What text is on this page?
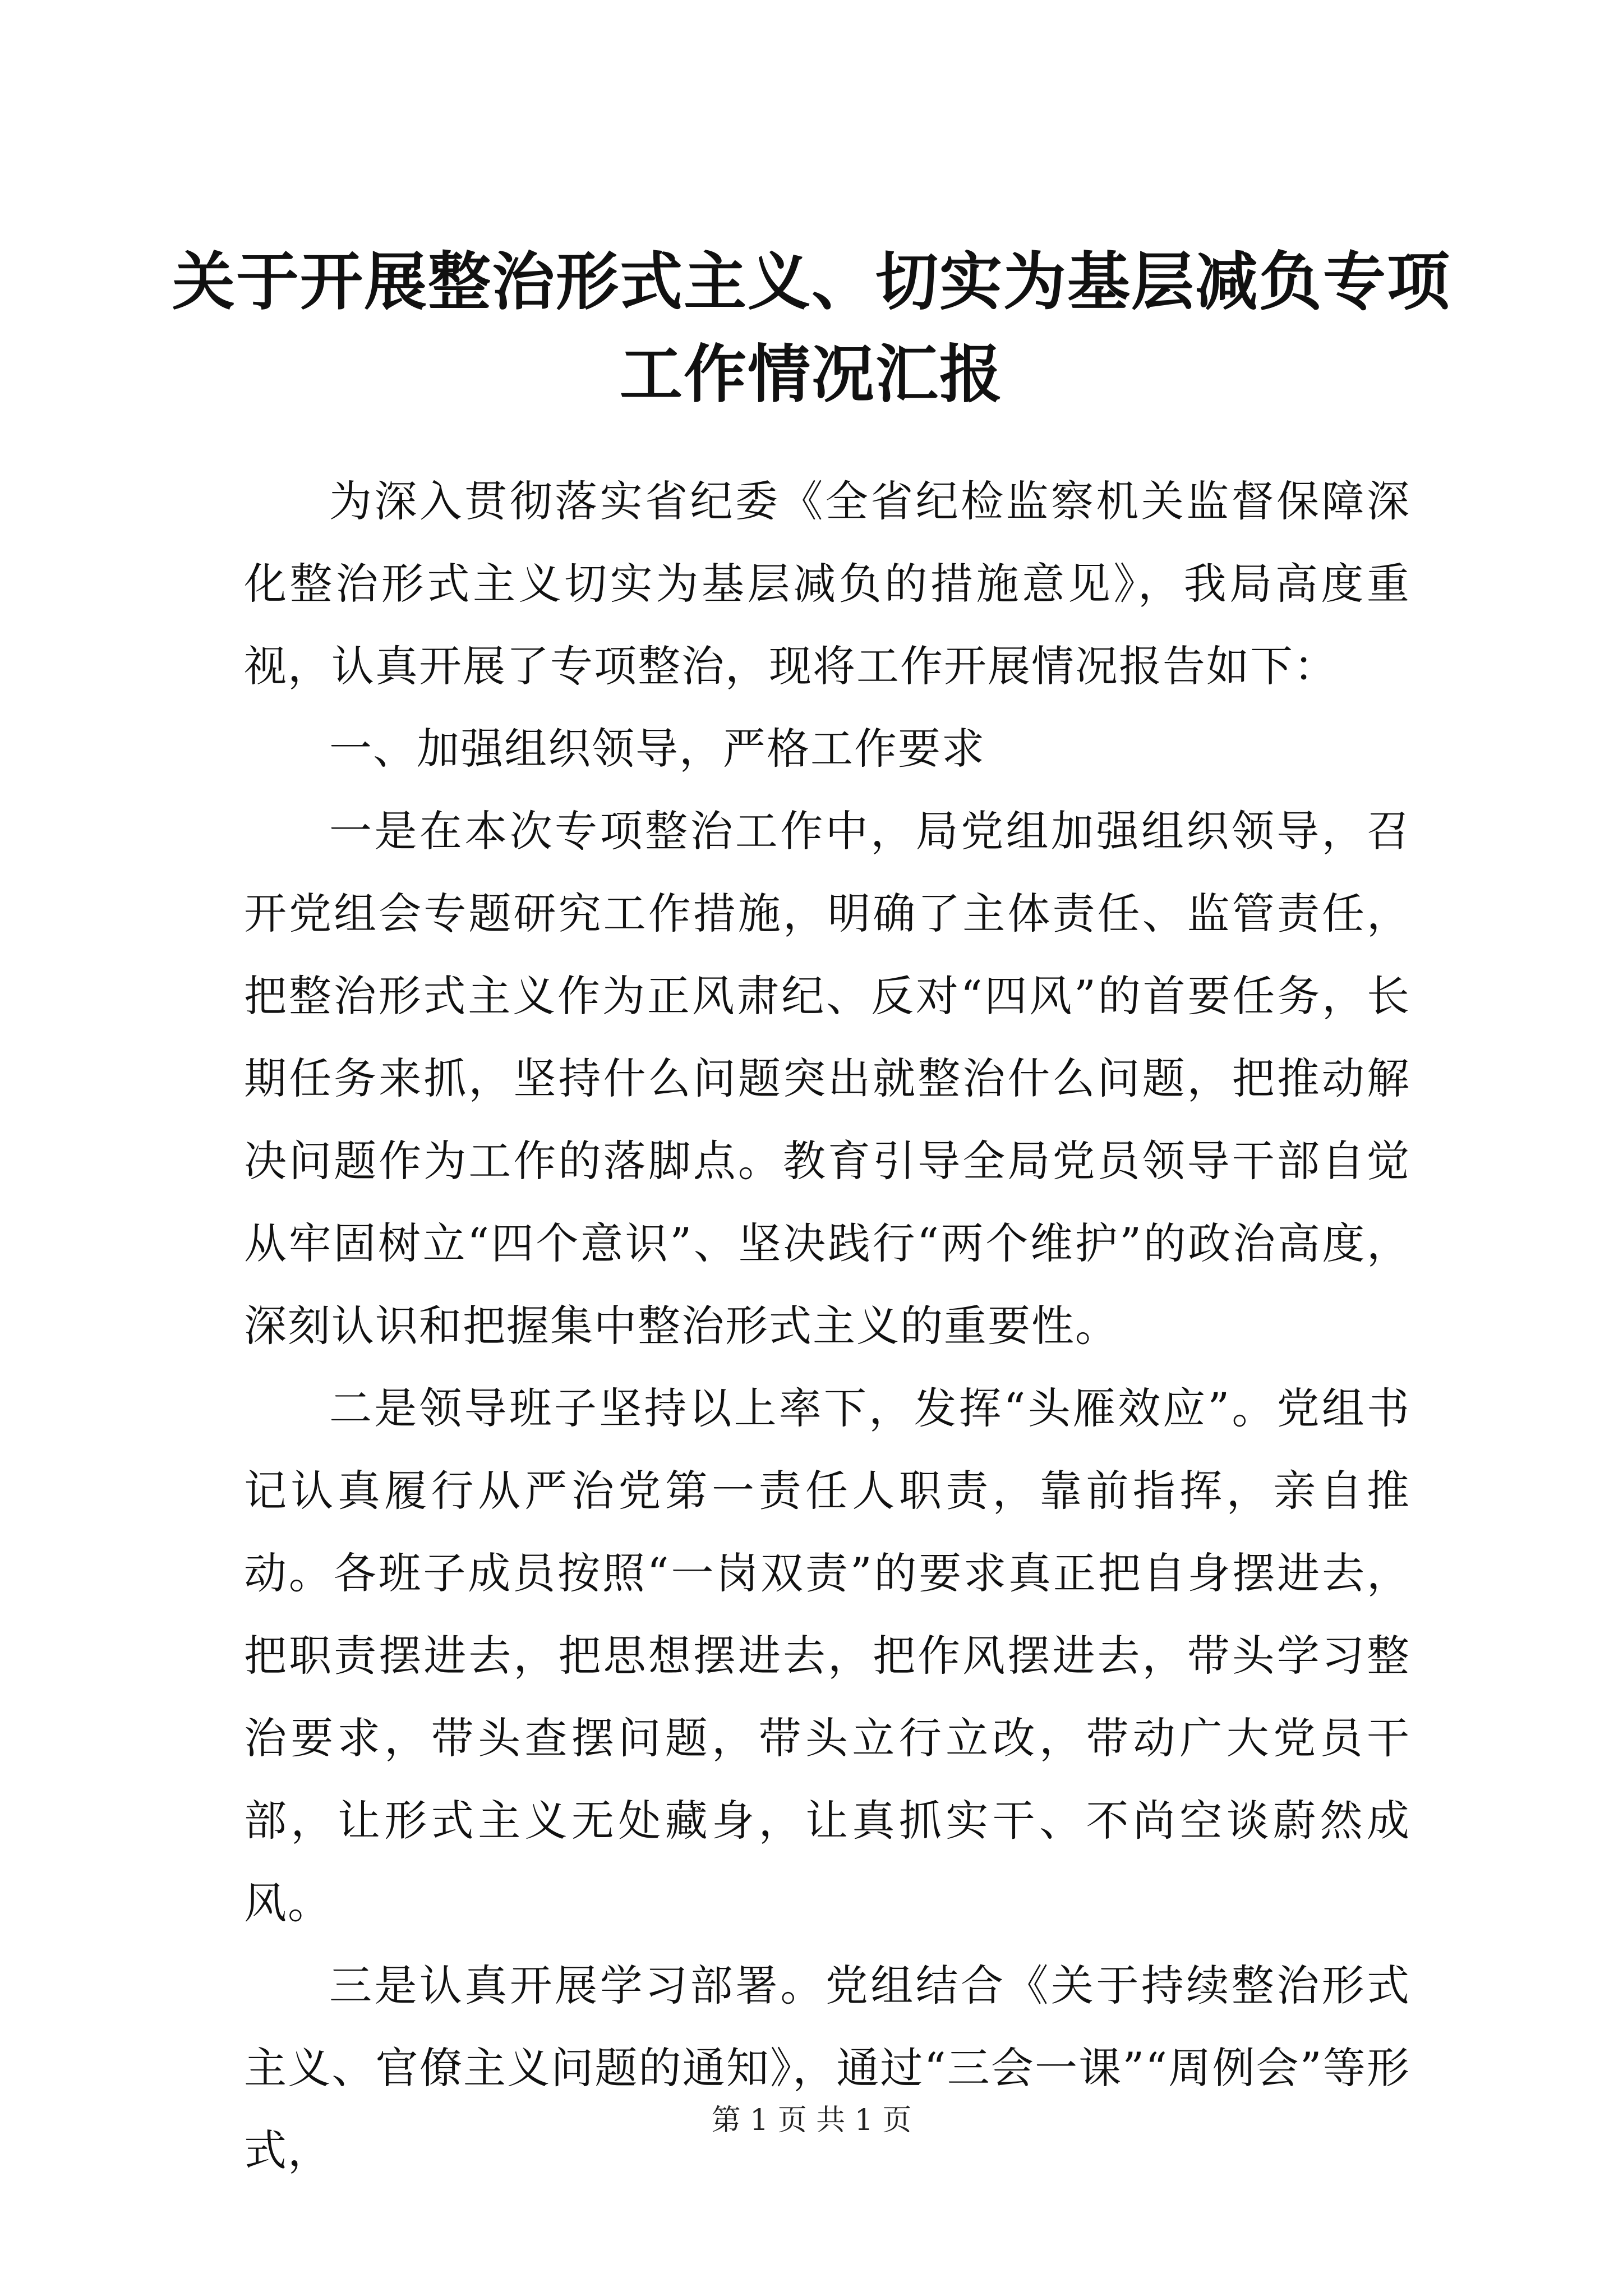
关于开展整治形式主义、切实为基层减负专项
工作情况汇报

为深入贯彻落实省纪委《全省纪检监察机关监督保障深化整治形式主义切实为基层减负的措施意见》，我局高度重视，认真开展了专项整治，现将工作开展情况报告如下：

一、加强组织领导，严格工作要求

一是在本次专项整治工作中，局党组加强组织领导，召开党组会专题研究工作措施，明确了主体责任、监管责任，把整治形式主义作为正风肃纪、反对“四风”的首要任务，长期任务来抓，坚持什么问题突出就整治什么问题，把推动解决问题作为工作的落脚点。教育引导全局党员领导干部自觉从牢固树立“四个意识”、坚决践行“两个维护”的政治高度，深刻认识和把握集中整治形式主义的重要性。

二是领导班子坚持以上率下，发挥“头雁效应”。党组书记认真履行从严治党第一责任人职责，靠前指挥，亲自推动。各班子成员按照“一岗双责”的要求真正把自身摆进去，把职责摆进去，把思想摆进去，把作风摆进去，带头学习整治要求，带头查摆问题，带头立行立改，带动广大党员干部，让形式主义无处藏身，让真抓实干、不尚空谈蔚然成风。

三是认真开展学习部署。党组结合《关于持续整治形式主义、官僚主义问题的通知》，通过“三会一课”“周例会”等形式，

第 1 页 共 1 页
